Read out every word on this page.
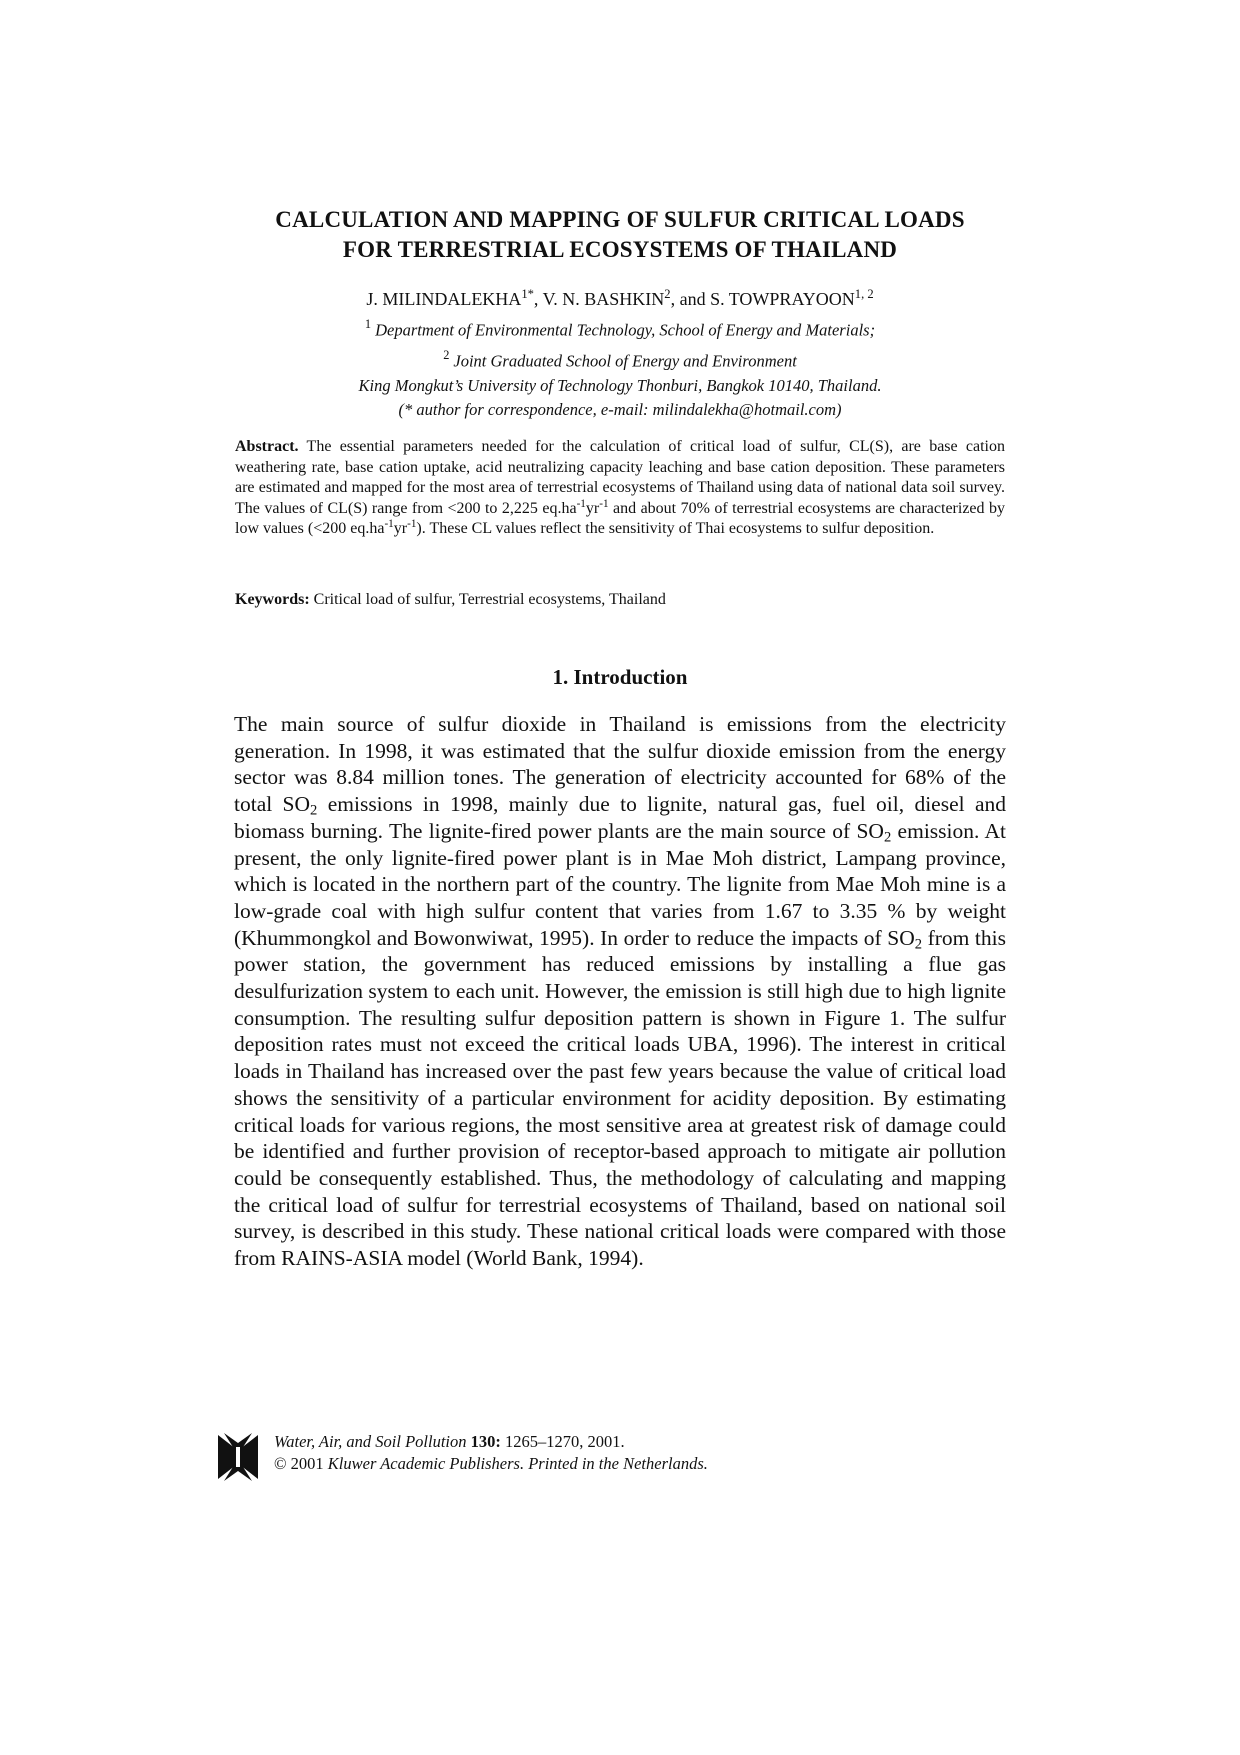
CALCULATION AND MAPPING OF SULFUR CRITICAL LOADS
FOR TERRESTRIAL ECOSYSTEMS OF THAILAND
J. $MILINDALEKHA^{1*}$, V. N. BASHKIN$^2$, and S. TOWPRAYOON$^{1, 2}$
$^1$ Department of Environmental Technology, School of Energy and Materials;
$^2$ Joint Graduated School of Energy and Environment
King Mongkut’s University of Technology Thonburi, Bangkok 10140, Thailand.
(* author for correspondence, e-mail: milindalekha@hotmail.com)
Abstract. The essential parameters needed for the calculation of critical load of sulfur, CL(S), are base cation weathering rate, base cation uptake, acid neutralizing capacity leaching and base cation deposition. These parameters are estimated and mapped for the most area of terrestrial ecosystems of Thailand using data of national data soil survey. The values of CL(S) range from <200 to 2,225 $eq.ha^{-1}yr^{-1}$ and about 70% of terrestrial ecosystems are characterized by low values (<200 $eq.ha^{-1}yr^{-1}$). These CL values reflect the sensitivity of Thai ecosystems to sulfur deposition.
Keywords: Critical load of sulfur, Terrestrial ecosystems, Thailand
1. Introduction
The main source of sulfur dioxide in Thailand is emissions from the electricity generation. In 1998, it was estimated that the sulfur dioxide emission from the energy sector was 8.84 million tones. The generation of electricity accounted for 68% of the total $SO_2$ emissions in 1998, mainly due to lignite, natural gas, fuel oil, diesel and biomass burning. The lignite-fired power plants are the main source of $SO_2$ emission. At present, the only lignite-fired power plant is in Mae Moh district, Lampang province, which is located in the northern part of the country. The lignite from Mae Moh mine is a low-grade coal with high sulfur content that varies from 1.67 to 3.35 % by weight (Khummongkol and Bowonwiwat, 1995). In order to reduce the impacts of $SO_2$ from this power station, the government has reduced emissions by installing a flue gas desulfurization system to each unit. However, the emission is still high due to high lignite consumption. The resulting sulfur deposition pattern is shown in Figure 1. The sulfur deposition rates must not exceed the critical loads UBA, 1996). The interest in critical loads in Thailand has increased over the past few years because the value of critical load shows the sensitivity of a particular environment for acidity deposition. By estimating critical loads for various regions, the most sensitive area at greatest risk of damage could be identified and further provision of receptor-based approach to mitigate air pollution could be consequently established. Thus, the methodology of calculating and mapping the critical load of sulfur for terrestrial ecosystems of Thailand, based on national soil survey, is described in this study. These national critical loads were compared with those from RAINS-ASIA model (World Bank, 1994).
Water, Air, and Soil Pollution 130: 1265–1270, 2001.
© 2001 Kluwer Academic Publishers. Printed in the Netherlands.
